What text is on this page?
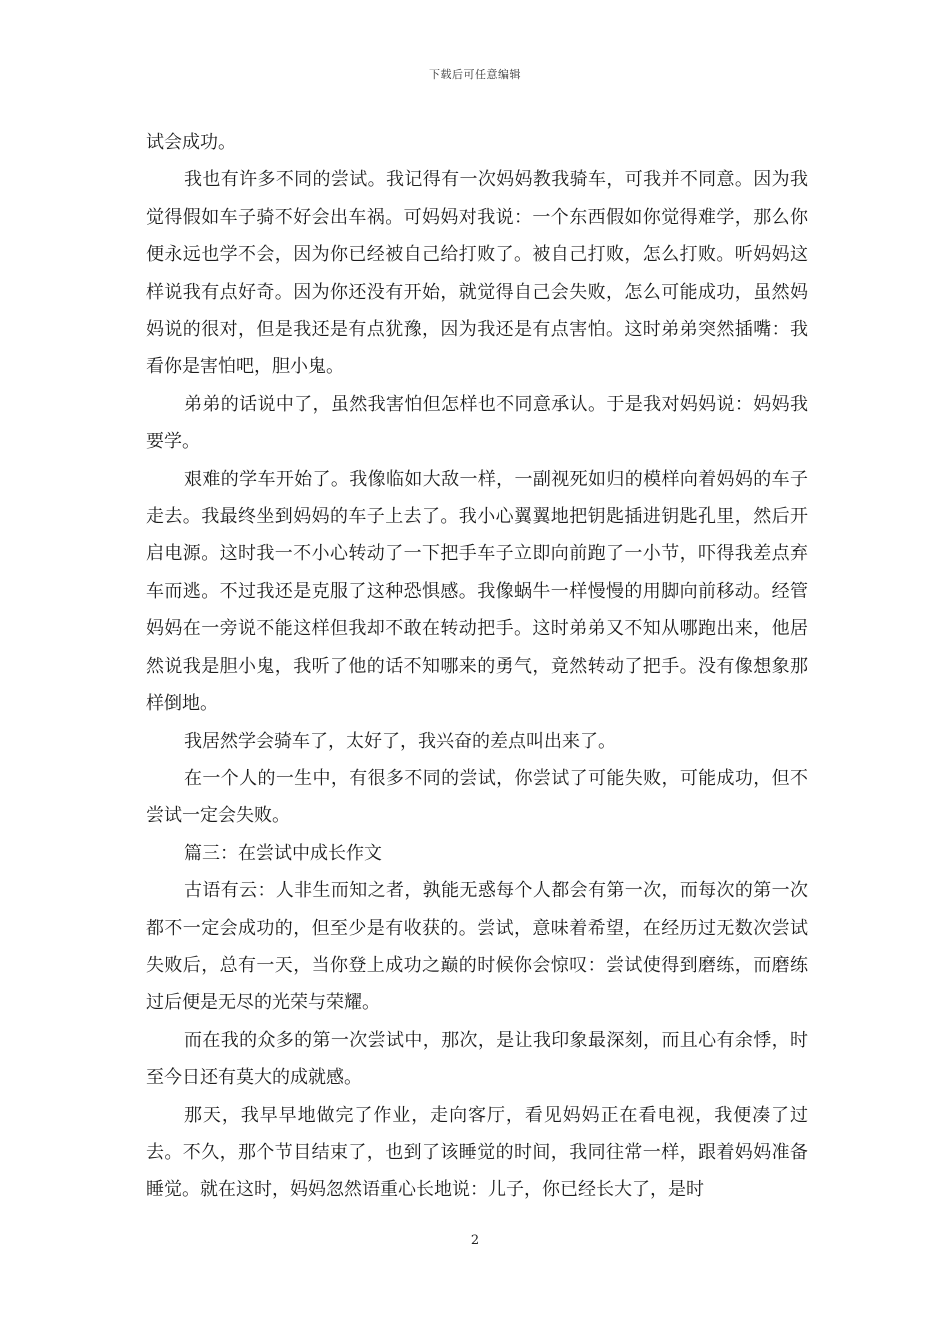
下载后可任意编辑

试会成功。

我也有许多不同的尝试。我记得有一次妈妈教我骑车，可我并不同意。因为我觉得假如车子骑不好会出车祸。可妈妈对我说：一个东西假如你觉得难学，那么你便永远也学不会，因为你已经被自己给打败了。被自己打败，怎么打败。听妈妈这样说我有点好奇。因为你还没有开始，就觉得自己会失败，怎么可能成功，虽然妈妈说的很对，但是我还是有点犹豫，因为我还是有点害怕。这时弟弟突然插嘴：我看你是害怕吧，胆小鬼。

弟弟的话说中了，虽然我害怕但怎样也不同意承认。于是我对妈妈说：妈妈我要学。

艰难的学车开始了。我像临如大敌一样，一副视死如归的模样向着妈妈的车子走去。我最终坐到妈妈的车子上去了。我小心翼翼地把钥匙插进钥匙孔里，然后开启电源。这时我一不小心转动了一下把手车子立即向前跑了一小节，吓得我差点弃车而逃。不过我还是克服了这种恐惧感。我像蜗牛一样慢慢的用脚向前移动。经管妈妈在一旁说不能这样但我却不敢在转动把手。这时弟弟又不知从哪跑出来，他居然说我是胆小鬼，我听了他的话不知哪来的勇气，竟然转动了把手。没有像想象那样倒地。

我居然学会骑车了，太好了，我兴奋的差点叫出来了。

在一个人的一生中，有很多不同的尝试，你尝试了可能失败，可能成功，但不尝试一定会失败。

篇三：在尝试中成长作文

古语有云：人非生而知之者，孰能无惑每个人都会有第一次，而每次的第一次都不一定会成功的，但至少是有收获的。尝试，意味着希望，在经历过无数次尝试失败后，总有一天，当你登上成功之巅的时候你会惊叹：尝试使得到磨练，而磨练过后便是无尽的光荣与荣耀。

而在我的众多的第一次尝试中，那次，是让我印象最深刻，而且心有余悸，时至今日还有莫大的成就感。

那天，我早早地做完了作业，走向客厅，看见妈妈正在看电视，我便凑了过去。不久，那个节目结束了，也到了该睡觉的时间，我同往常一样，跟着妈妈准备睡觉。就在这时，妈妈忽然语重心长地说：儿子，你已经长大了，是时

2
